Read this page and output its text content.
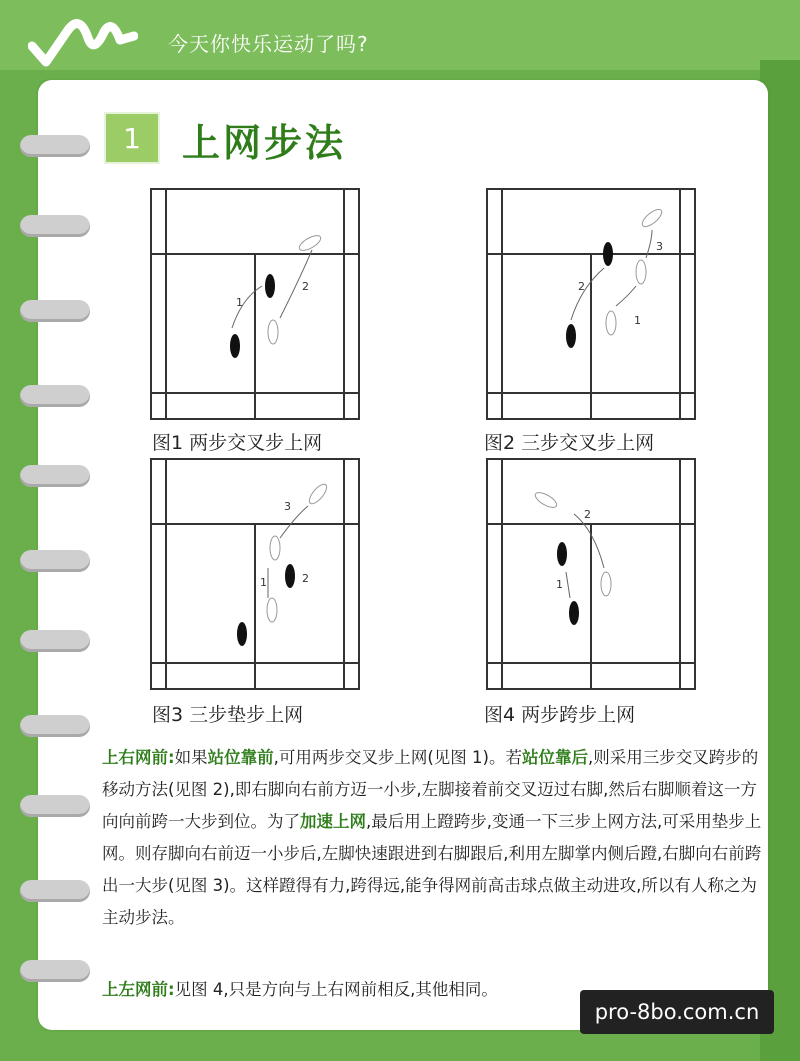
今天你快乐运动了吗?
1	上网步法
1
2
图1 两步交叉步上网
2
1
3
图2 三步交叉步上网
1	2
3
图3 三步垫步上网
1
2
图4 两步跨步上网
上右网前:如果站位靠前,可用两步交叉步上网(见图 1)。若站位靠后,则采用三步交叉跨步的移动方法(见图 2),即右脚向右前方迈一小步,左脚接着前交叉迈过右脚,然后右脚顺着这一方向向前跨一大步到位。为了加速上网,最后用上蹬跨步,变通一下三步上网方法,可采用垫步上网。则存脚向右前迈一小步后,左脚快速跟进到右脚跟后,利用左脚掌内侧后蹬,右脚向右前跨出一大步(见图 3)。这样蹬得有力,跨得远,能争得网前高击球点做主动进攻,所以有人称之为主动步法。
上左网前:见图 4,只是方向与上右网前相反,其他相同。
pro-8bo.com.cn
